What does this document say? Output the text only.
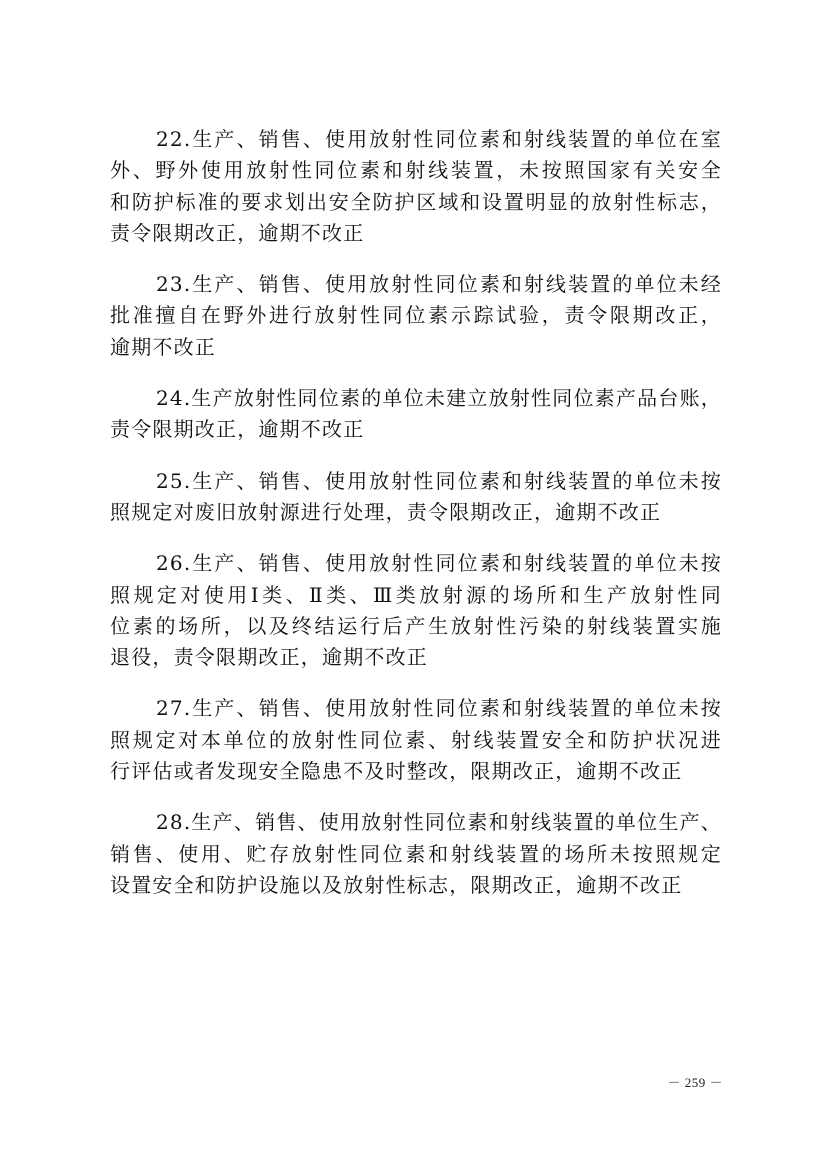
22.生产、销售、使用放射性同位素和射线装置的单位在室
外、野外使用放射性同位素和射线装置，未按照国家有关安全
和防护标准的要求划出安全防护区域和设置明显的放射性标志，
责令限期改正，逾期不改正

23.生产、销售、使用放射性同位素和射线装置的单位未经
批准擅自在野外进行放射性同位素示踪试验，责令限期改正，
逾期不改正

24.生产放射性同位素的单位未建立放射性同位素产品台账，
责令限期改正，逾期不改正

25.生产、销售、使用放射性同位素和射线装置的单位未按
照规定对废旧放射源进行处理，责令限期改正，逾期不改正

26.生产、销售、使用放射性同位素和射线装置的单位未按
照规定对使用Ⅰ类、Ⅱ类、Ⅲ类放射源的场所和生产放射性同
位素的场所，以及终结运行后产生放射性污染的射线装置实施
退役，责令限期改正，逾期不改正

27.生产、销售、使用放射性同位素和射线装置的单位未按
照规定对本单位的放射性同位素、射线装置安全和防护状况进
行评估或者发现安全隐患不及时整改，限期改正，逾期不改正

28.生产、销售、使用放射性同位素和射线装置的单位生产、
销售、使用、贮存放射性同位素和射线装置的场所未按照规定
设置安全和防护设施以及放射性标志，限期改正，逾期不改正

－ 259 －
